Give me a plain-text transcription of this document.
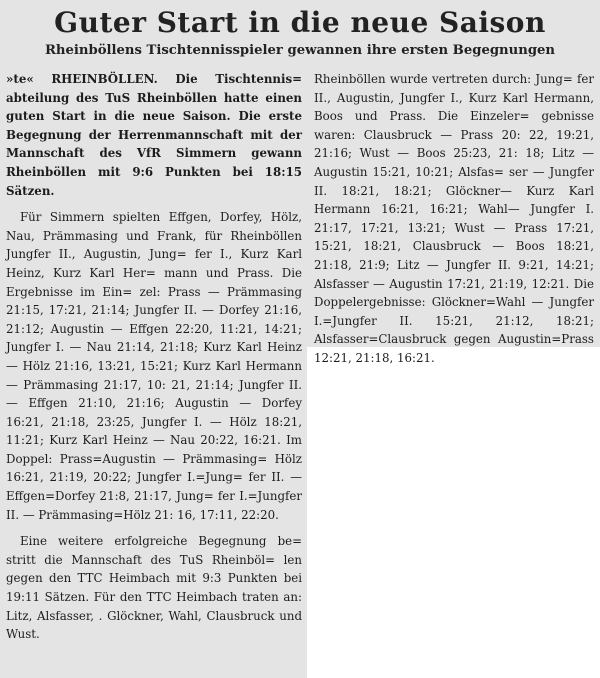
Guter Start in die neue Saison
Rheinböllens Tischtennisspieler gewannen ihre ersten Begegnungen

»te« RHEINBÖLLEN. Die Tischtennis= abteilung des TuS Rheinböllen hatte einen guten Start in die neue Saison. Die erste Begegnung der Herrenmannschaft mit der Mannschaft des VfR Simmern gewann Rheinböllen mit 9:6 Punkten bei 18:15 Sätzen.

Für Simmern spielten Effgen, Dorfey, Hölz, Nau, Prämmasing und Frank, für Rheinböllen Jungfer II., Augustin, Jung= fer I., Kurz Karl Heinz, Kurz Karl Her= mann und Prass. Die Ergebnisse im Ein= zel: Prass — Prämmasing 21:15, 17:21, 21:14; Jungfer II. — Dorfey 21:16, 21:12; Augustin — Effgen 22:20, 11:21, 14:21; Jungfer I. — Nau 21:14, 21:18; Kurz Karl Heinz — Hölz 21:16, 13:21, 15:21; Kurz Karl Hermann — Prämmasing 21:17, 10: 21, 21:14; Jungfer II. — Effgen 21:10, 21:16; Augustin — Dorfey 16:21, 21:18, 23:25, Jungfer I. — Hölz 18:21, 11:21; Kurz Karl Heinz — Nau 20:22, 16:21. Im Doppel: Prass=Augustin — Prämmasing= Hölz 16:21, 21:19, 20:22; Jungfer I.=Jung= fer II. — Effgen=Dorfey 21:8, 21:17, Jung= fer I.=Jungfer II. — Prämmasing=Hölz 21: 16, 17:11, 22:20.

Eine weitere erfolgreiche Begegnung be= stritt die Mannschaft des TuS Rheinböl= len gegen den TTC Heimbach mit 9:3 Punkten bei 19:11 Sätzen. Für den TTC Heimbach traten an: Litz, Alsfasser, . Glöckner, Wahl, Clausbruck und Wust.

Rheinböllen wurde vertreten durch: Jung= fer II., Augustin, Jungfer I., Kurz Karl Hermann, Boos und Prass. Die Einzeler= gebnisse waren: Clausbruck — Prass 20: 22, 19:21, 21:16; Wust — Boos 25:23, 21: 18; Litz — Augustin 15:21, 10:21; Alsfas= ser — Jungfer II. 18:21, 18:21; Glöckner— Kurz Karl Hermann 16:21, 16:21; Wahl— Jungfer I. 21:17, 17:21, 13:21; Wust — Prass 17:21, 15:21, 18:21, Clausbruck — Boos 18:21, 21:18, 21:9; Litz — Jungfer II. 9:21, 14:21; Alsfasser — Augustin 17:21, 21:19, 12:21. Die Doppelergebnisse: Glöckner=Wahl — Jungfer I.=Jungfer II. 15:21, 21:12, 18:21; Alsfasser=Clausbruck gegen Augustin=Prass 12:21, 21:18, 16:21.
